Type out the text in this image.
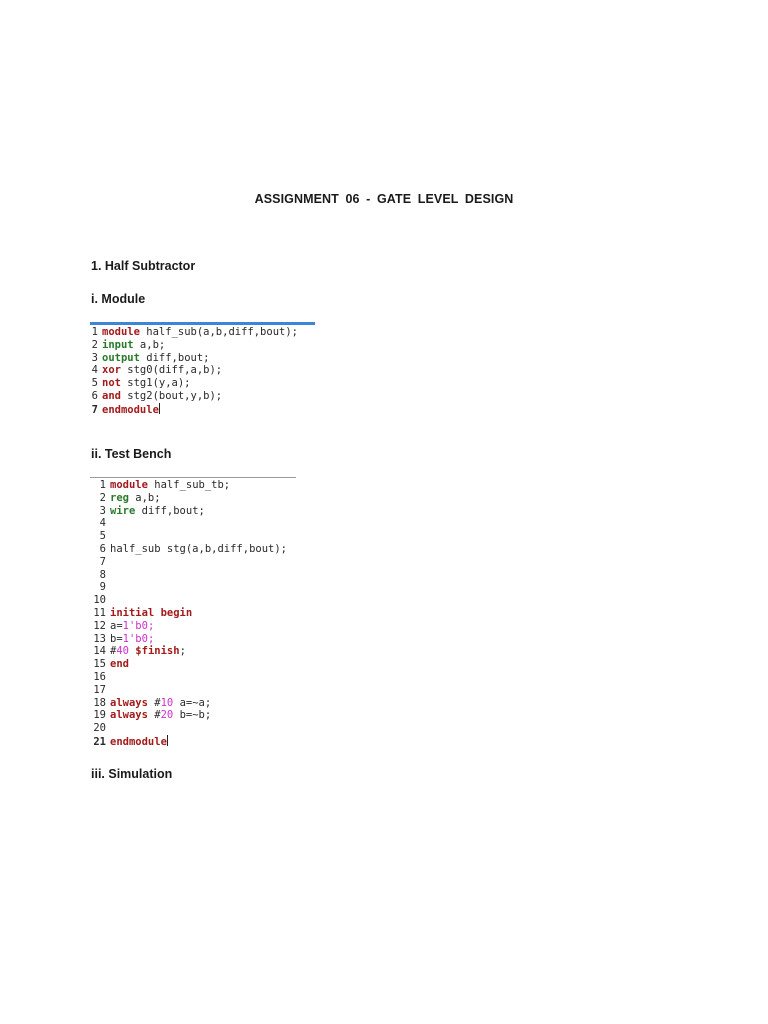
ASSIGNMENT 06 - GATE LEVEL DESIGN
1. Half Subtractor
i. Module
1 module half_sub(a,b,diff,bout);
2 input a,b;
3 output diff,bout;
4 xor stg0(diff,a,b);
5 not stg1(y,a);
6 and stg2(bout,y,b);
7 endmodule
ii. Test Bench
1 module half_sub_tb;
2 reg a,b;
3 wire diff,bout;
4
5
6 half_sub stg(a,b,diff,bout);
7
8
9
10
11 initial begin
12 a=1'b0;
13 b=1'b0;
14 #40 $finish;
15 end
16
17
18 always #10 a=~a;
19 always #20 b=~b;
20
21 endmodule
iii. Simulation
